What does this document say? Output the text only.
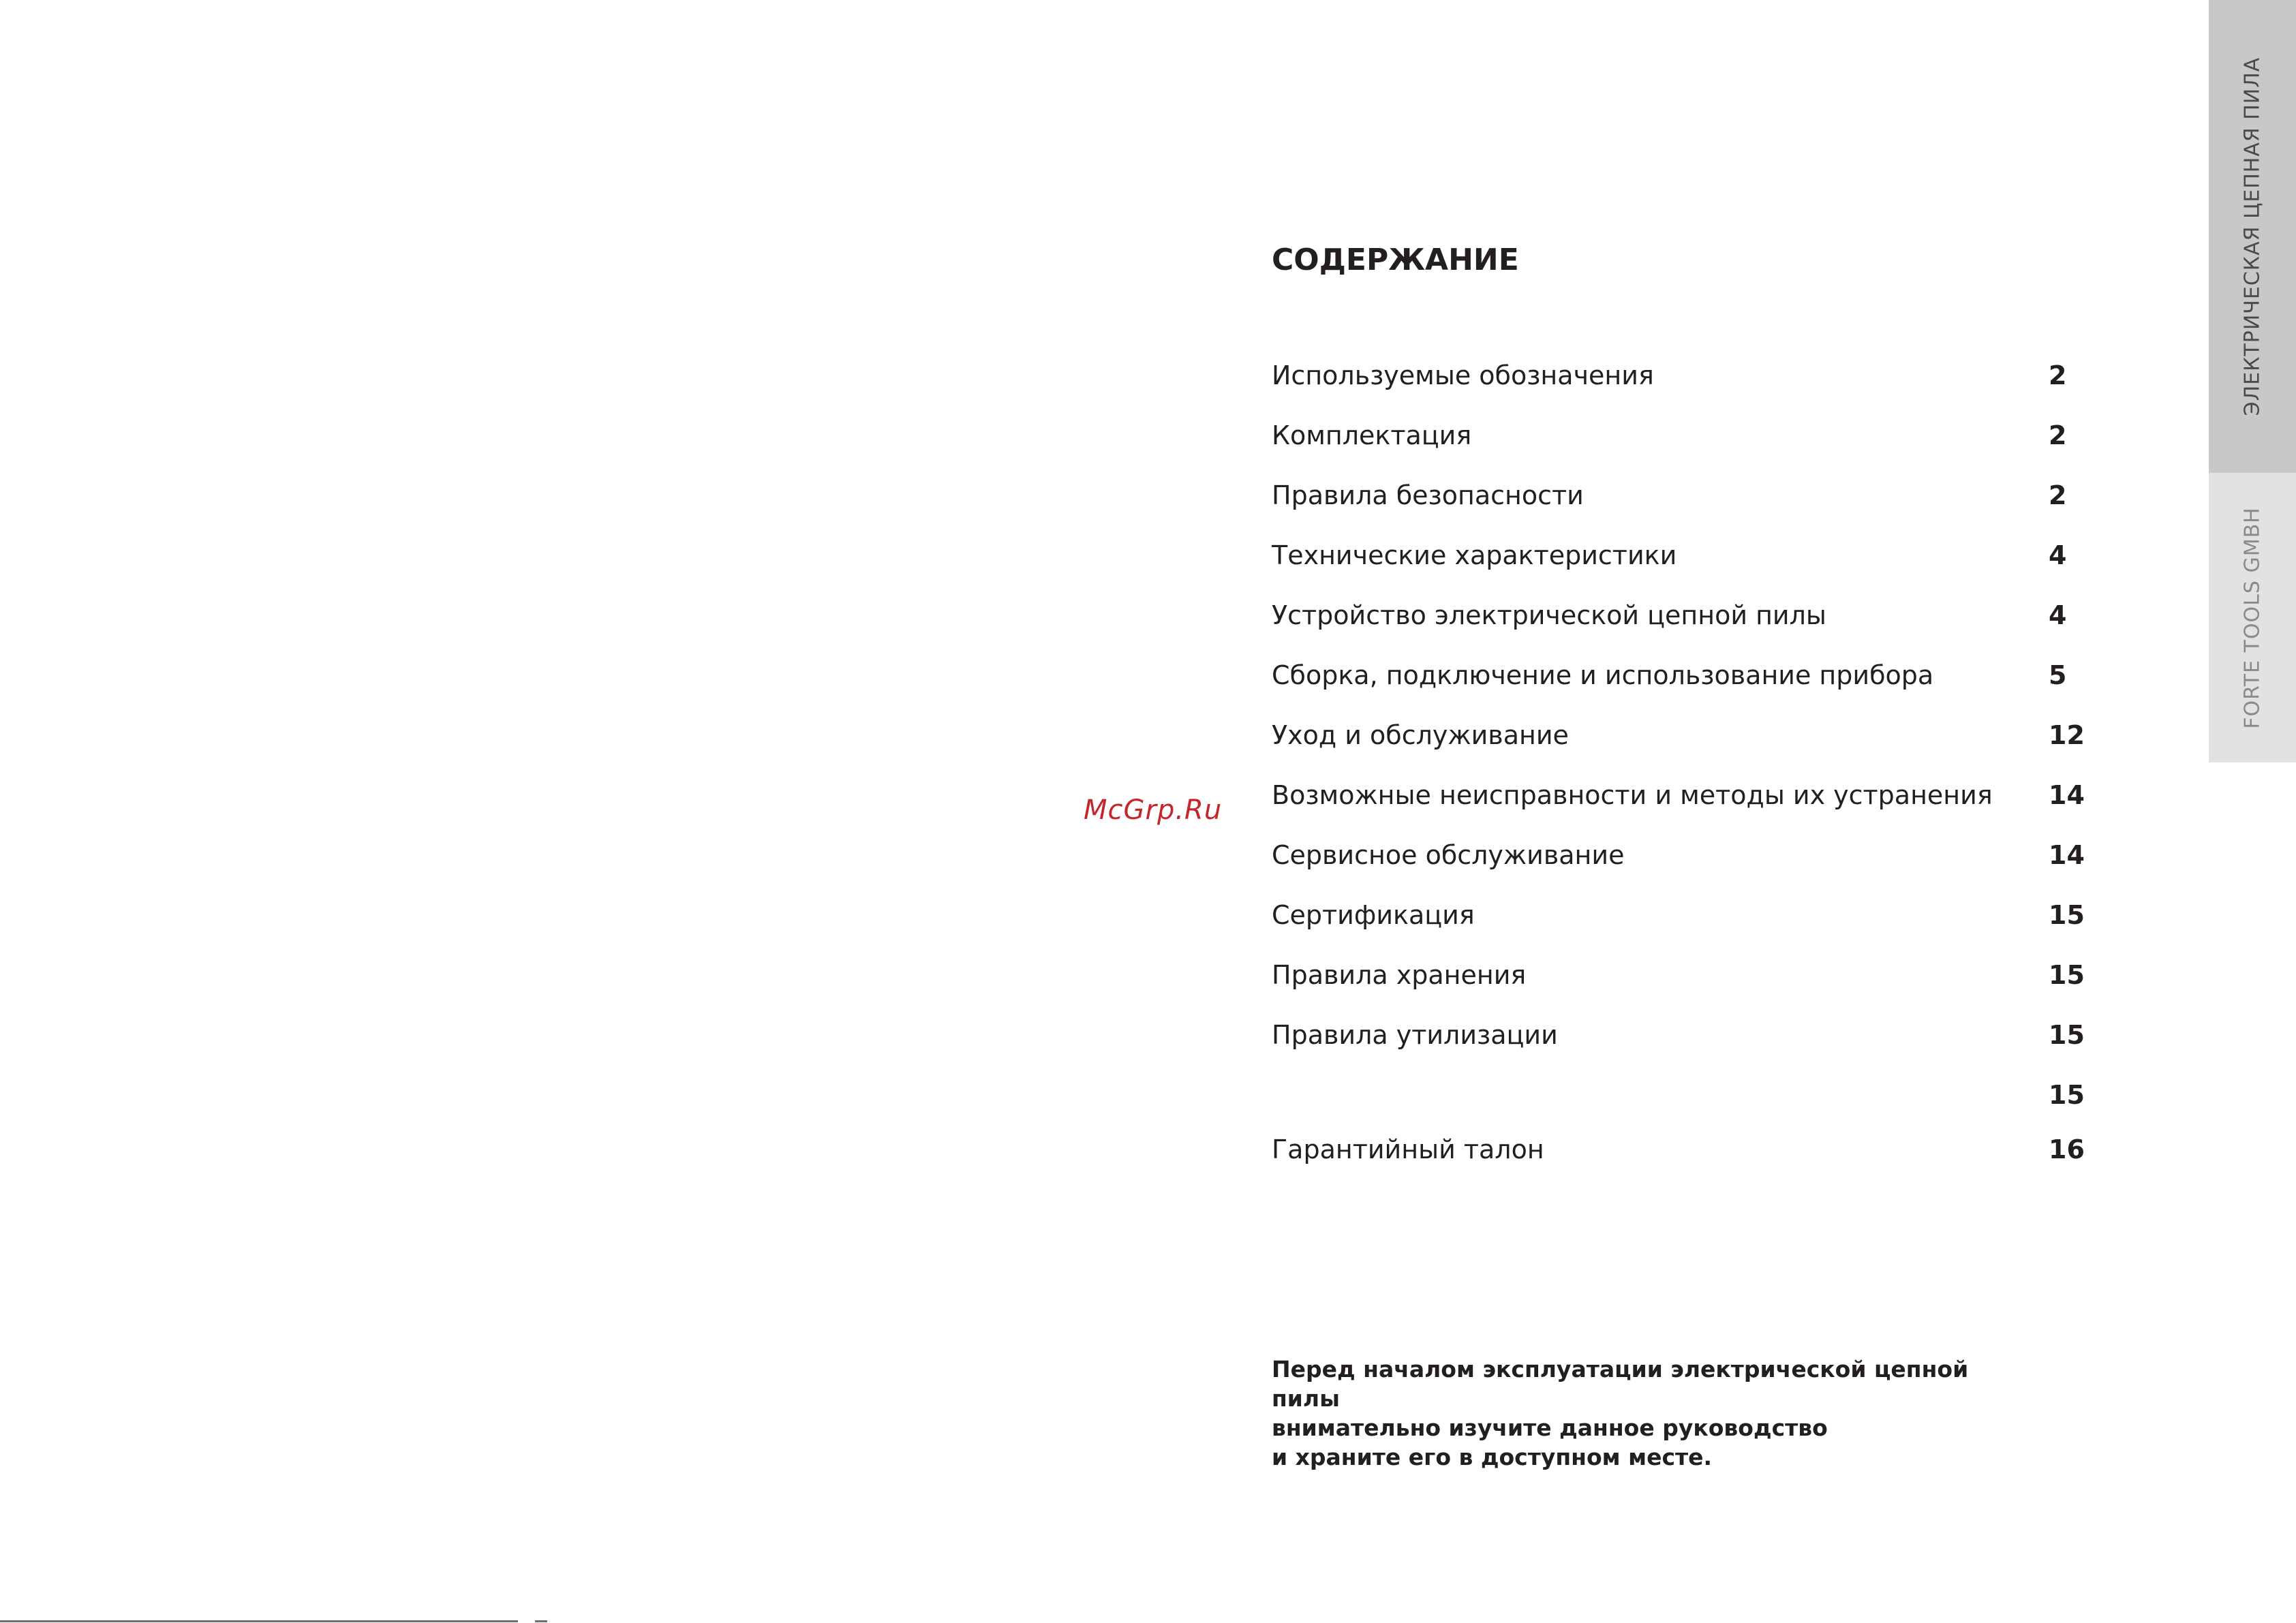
ЭЛЕКТРИЧЕСКАЯ ЦЕПНАЯ ПИЛА
FORTE TOOLS GMBH
McGrp.Ru
СОДЕРЖАНИЕ
Используемые обозначения	2
Комплектация	2
Правила безопасности	2
Технические характеристики	4
Устройство электрической цепной пилы	4
Сборка, подключение и использование прибора	5
Уход и обслуживание	12
Возможные неисправности и методы их устранения 14
Сервисное обслуживание	14
Сертификация	15
Правила хранения	15
Правила утилизации	15
15
Гарантийный талон	16

Перед началом эксплуатации электрической цепной пилы
внимательно изучите данное руководство
и храните его в доступном месте.
